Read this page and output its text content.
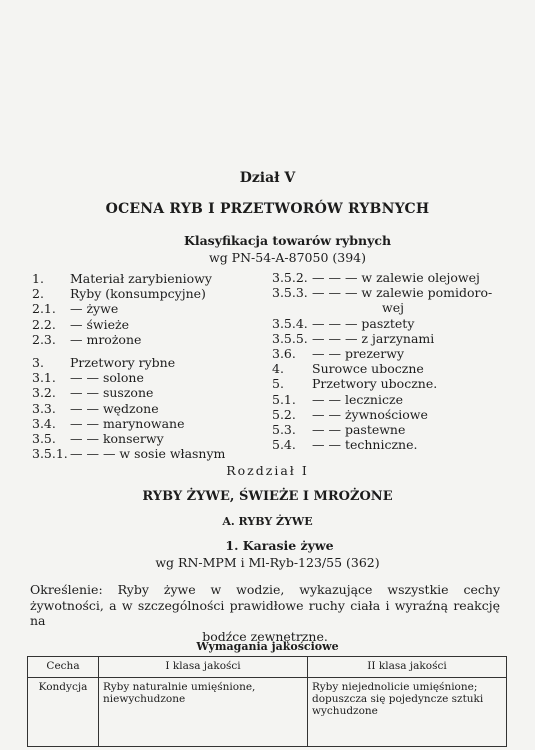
Dział V
OCENA RYB I PRZETWORÓW RYBNYCH
Klasyfikacja towarów rybnych
wg PN-54-A-87050 (394)
1.	Materiał zarybieniowy
2.	Ryby (konsumpcyjne)
2.1.	— żywe
2.2.	— świeże
2.3.	— mrożone
3.	Przetwory rybne
3.1.	— — solone
3.2.	— — suszone
3.3.	— — wędzone
3.4.	— — marynowane
3.5.	— — konserwy
3.5.1. — — — w sosie własnym
3.5.2. — — — w zalewie olejowej
3.5.3. — — — w zalewie pomidoro-
wej
3.5.4. — — — pasztety
3.5.5. — — — z jarzynami
3.6.	— — prezerwy
4.	Surowce uboczne
5.	Przetwory uboczne.
5.1.	— — lecznicze
5.2.	— — żywnościowe
5.3.	— — pastewne
5.4.	— — techniczne.
Rozdział I
RYBY ŻYWE, ŚWIEŻE I MROŻONE
A. RYBY ŻYWE
1. Karasie żywe
wg RN-MPM i Ml-Ryb-123/55 (362)
Określenie: Ryby żywe w wodzie, wykazujące wszystkie cechy żywotności, a w szczególności prawidłowe ruchy ciała i wyraźną reakcję na
bodźce zewnętrzne.
Wymagania jakościowe
Cecha	I klasa jakości	II klasa jakości
Kondycja	Ryby naturalnie umięśnione, niewychudzone	Ryby niejednolicie umięśnione; dopuszcza się pojedyncze sztuki wychudzone
